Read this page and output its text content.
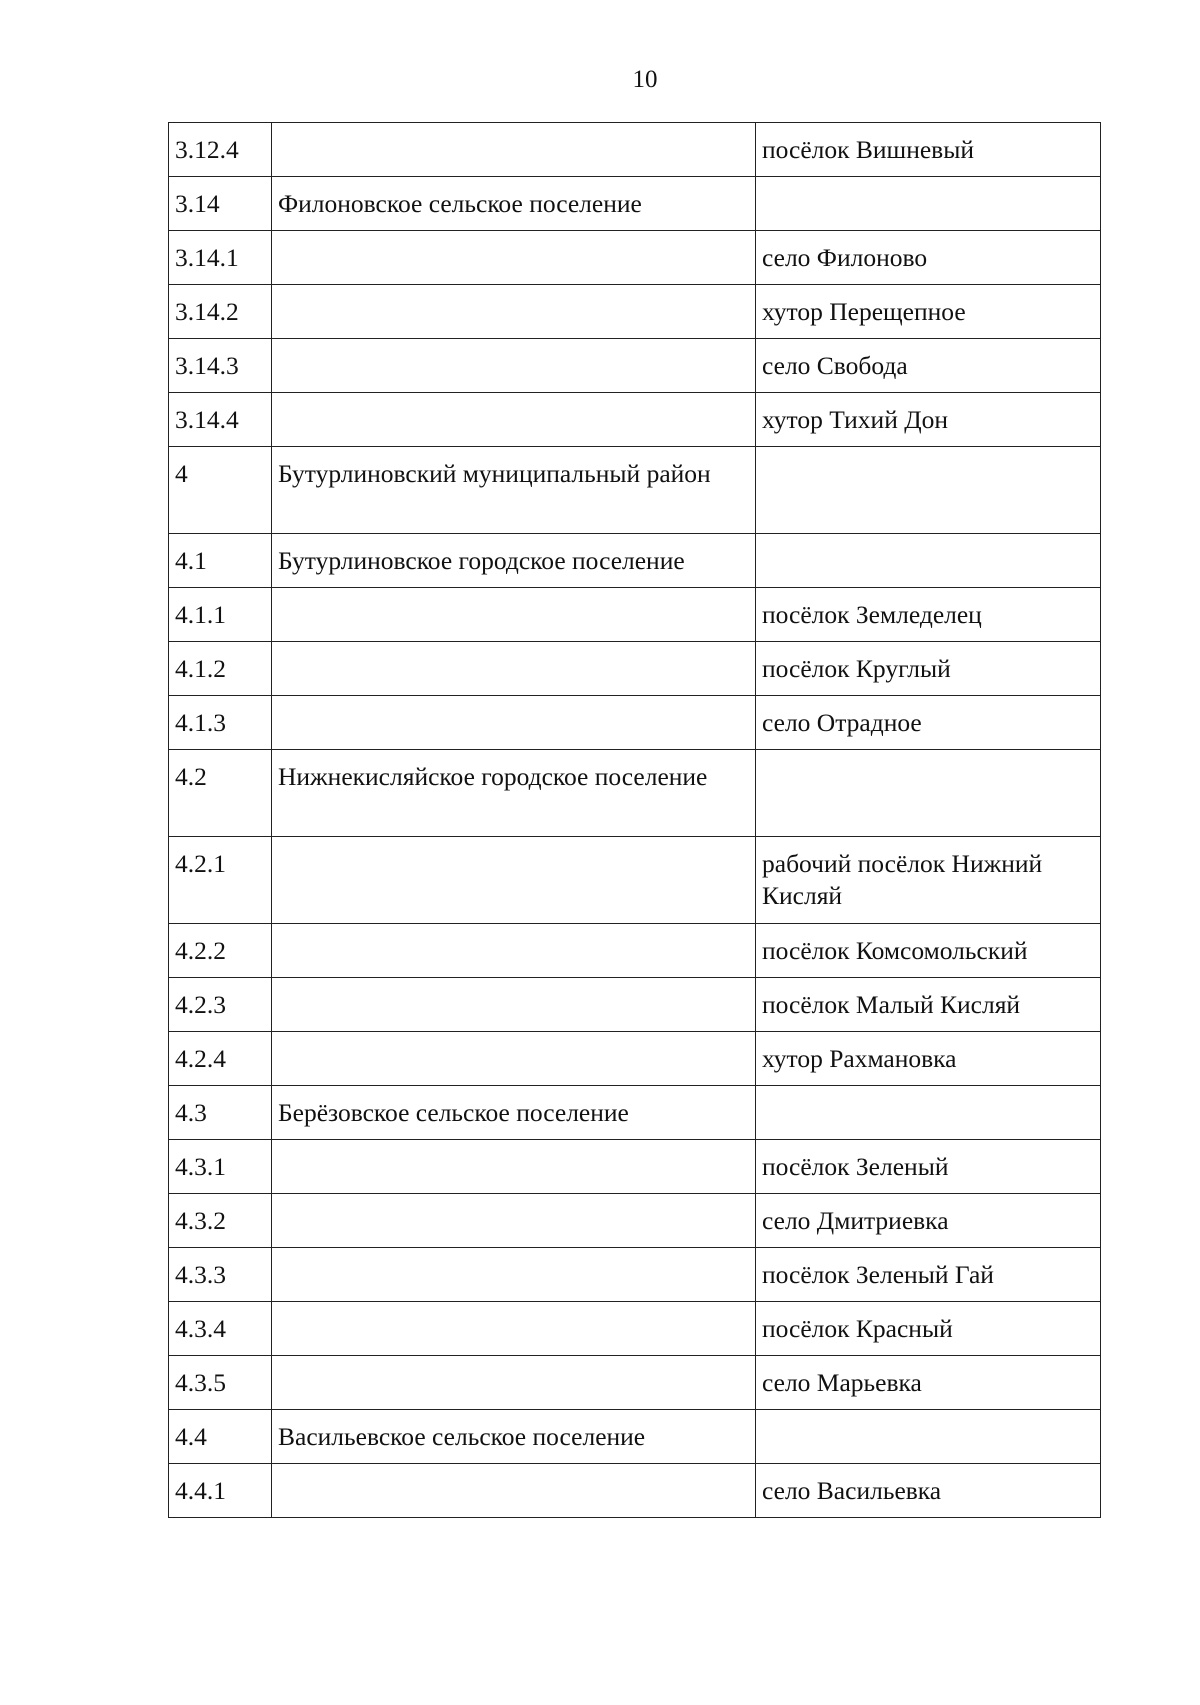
10
3.12.4		посёлок Вишневый
3.14	Филоновское сельское поселение	
3.14.1		село Филоново
3.14.2		хутор Перещепное
3.14.3		село Свобода
3.14.4		хутор Тихий Дон
4	Бутурлиновский муниципальный район	
4.1	Бутурлиновское городское поселение	
4.1.1		посёлок Земледелец
4.1.2		посёлок Круглый
4.1.3		село Отрадное
4.2	Нижнекисляйское городское поселение	
4.2.1		рабочий посёлок Нижний Кисляй
4.2.2		посёлок Комсомольский
4.2.3		посёлок Малый Кисляй
4.2.4		хутор Рахмановка
4.3	Берёзовское сельское поселение	
4.3.1		посёлок Зеленый
4.3.2		село Дмитриевка
4.3.3		посёлок Зеленый Гай
4.3.4		посёлок Красный
4.3.5		село Марьевка
4.4	Васильевское сельское поселение	
4.4.1		село Васильевка
